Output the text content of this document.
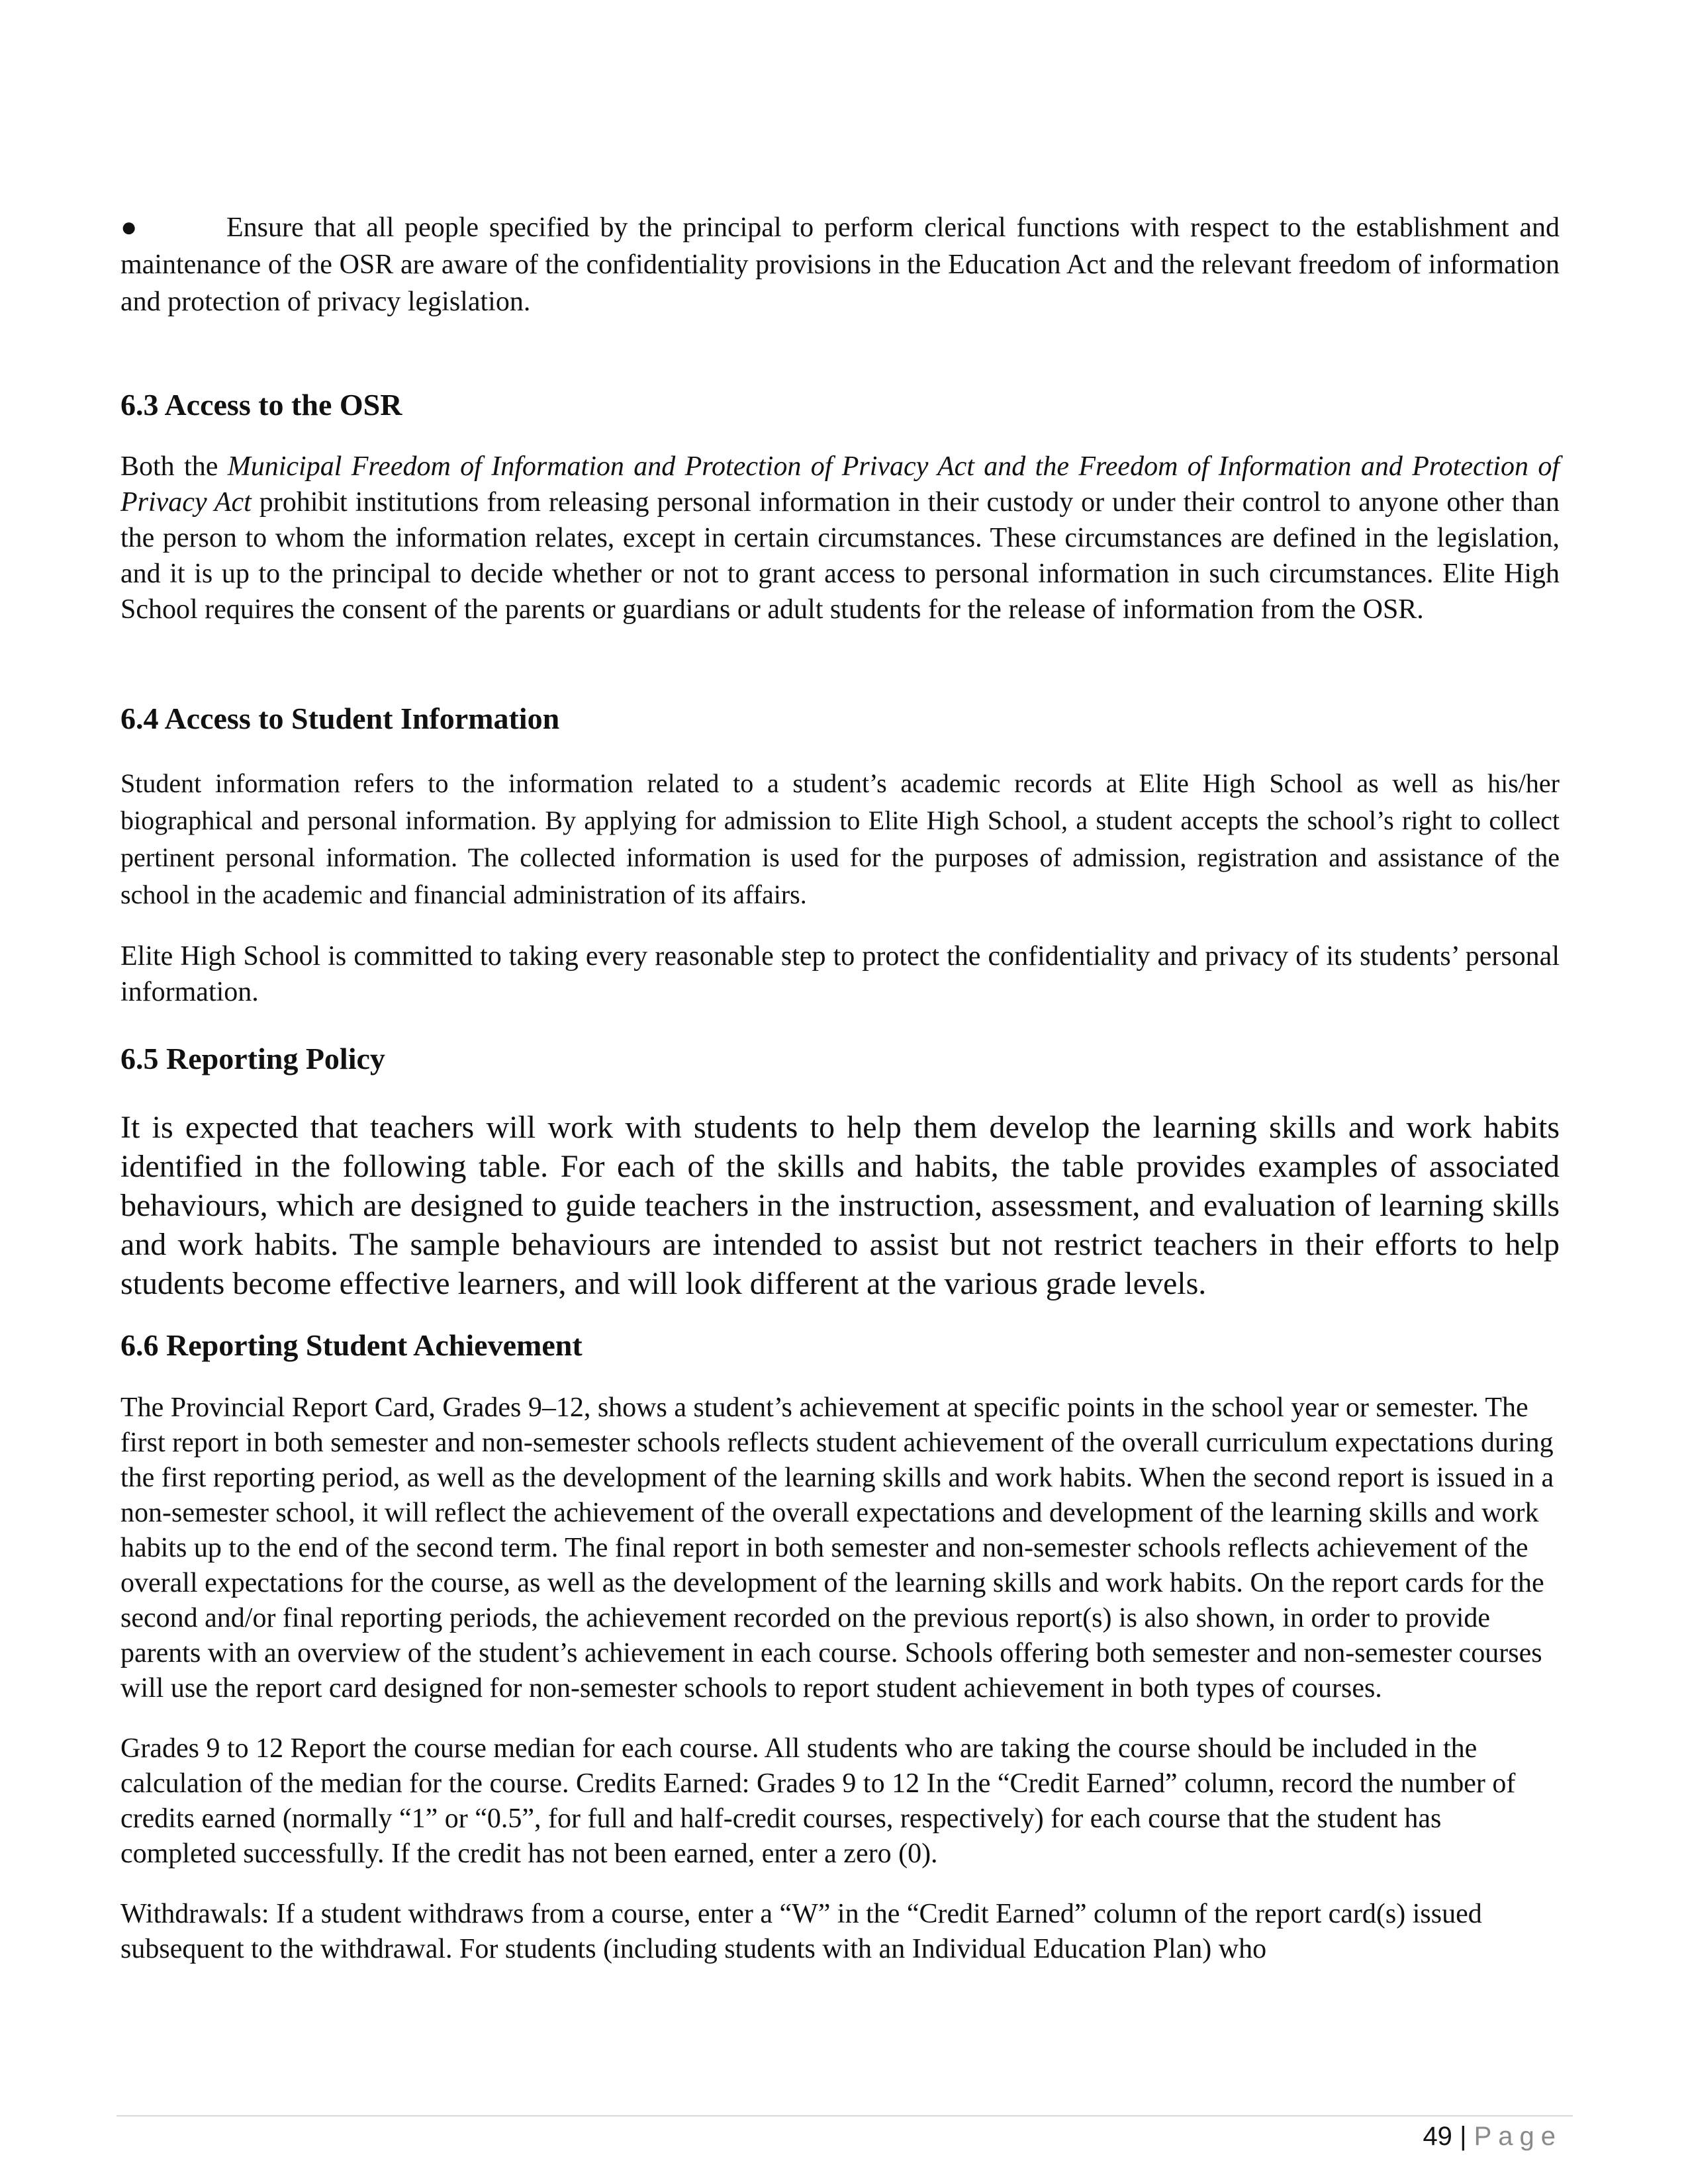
●	Ensure that all people specified by the principal to perform clerical functions with respect to the establishment and maintenance of the OSR are aware of the confidentiality provisions in the Education Act and the relevant freedom of information and protection of privacy legislation.

6.3 Access to the OSR

Both the Municipal Freedom of Information and Protection of Privacy Act and the Freedom of Information and Protection of Privacy Act prohibit institutions from releasing personal information in their custody or under their control to anyone other than the person to whom the information relates, except in certain circumstances. These circumstances are defined in the legislation, and it is up to the principal to decide whether or not to grant access to personal information in such circumstances. Elite High School requires the consent of the parents or guardians or adult students for the release of information from the OSR.

6.4 Access to Student Information

Student information refers to the information related to a student’s academic records at Elite High School as well as his/her biographical and personal information. By applying for admission to Elite High School, a student accepts the school’s right to collect pertinent personal information. The collected information is used for the purposes of admission, registration and assistance of the school in the academic and financial administration of its affairs.

Elite High School is committed to taking every reasonable step to protect the confidentiality and privacy of its students’ personal information.

6.5 Reporting Policy

It is expected that teachers will work with students to help them develop the learning skills and work habits identified in the following table. For each of the skills and habits, the table provides examples of associated behaviours, which are designed to guide teachers in the instruction, assessment, and evaluation of learning skills and work habits. The sample behaviours are intended to assist but not restrict teachers in their efforts to help students become effective learners, and will look different at the various grade levels.

6.6 Reporting Student Achievement

The Provincial Report Card, Grades 9–12, shows a student’s achievement at specific points in the school year or semester. The first report in both semester and non-semester schools reflects student achievement of the overall curriculum expectations during the first reporting period, as well as the development of the learning skills and work habits. When the second report is issued in a non-semester school, it will reflect the achievement of the overall expectations and development of the learning skills and work habits up to the end of the second term. The final report in both semester and non-semester schools reflects achievement of the overall expectations for the course, as well as the development of the learning skills and work habits. On the report cards for the second and/or final reporting periods, the achievement recorded on the previous report(s) is also shown, in order to provide parents with an overview of the student’s achievement in each course. Schools offering both semester and non-semester courses will use the report card designed for non-semester schools to report student achievement in both types of courses.

Grades 9 to 12 Report the course median for each course. All students who are taking the course should be included in the calculation of the median for the course. Credits Earned: Grades 9 to 12 In the “Credit Earned” column, record the number of credits earned (normally “1” or “0.5”, for full and half-credit courses, respectively) for each course that the student has completed successfully. If the credit has not been earned, enter a zero (0).

Withdrawals: If a student withdraws from a course, enter a “W” in the “Credit Earned” column of the report card(s) issued subsequent to the withdrawal. For students (including students with an Individual Education Plan) who

49 | Page
